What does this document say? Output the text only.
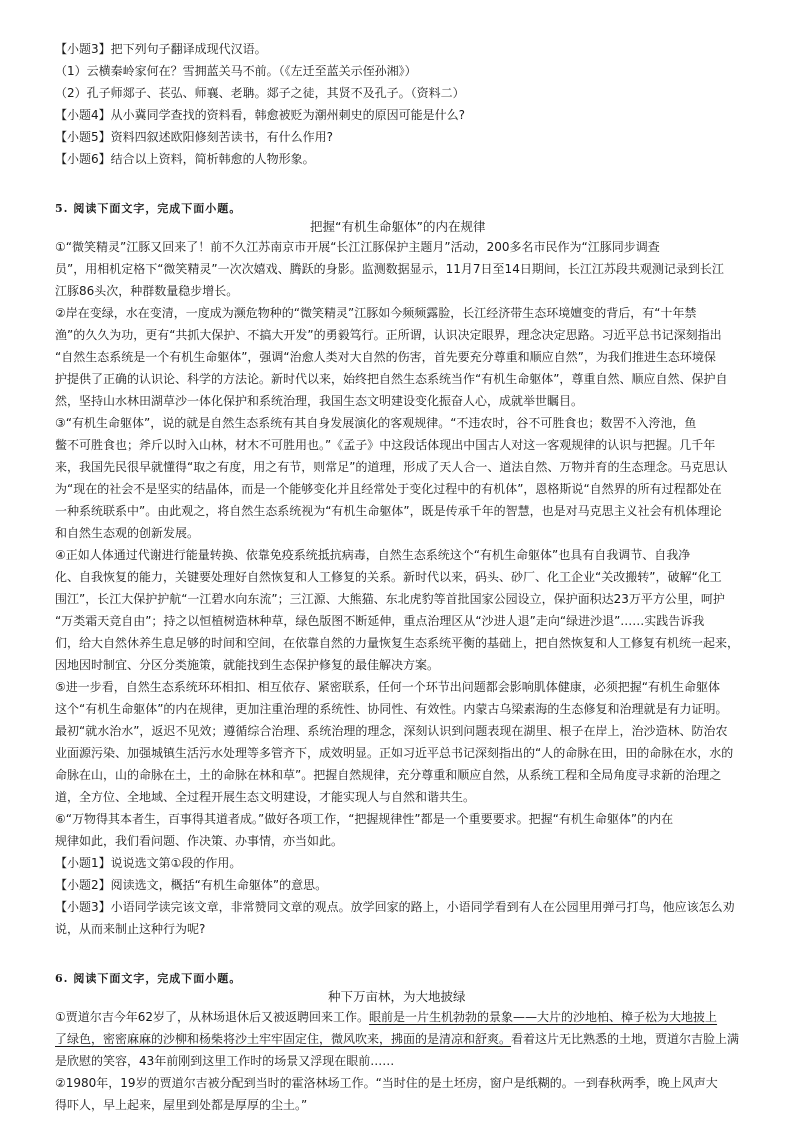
【小题3】把下列句子翻译成现代汉语。
（1）云横秦岭家何在？雪拥蓝关马不前。（《左迁至蓝关示侄孙湘》）
（2）孔子师郯子、苌弘、师襄、老聃。郯子之徒，其贤不及孔子。（资料二）
【小题4】从小冀同学查找的资料看，韩愈被贬为潮州刺史的原因可能是什么?
【小题5】资料四叙述欧阳修刻苦读书，有什么作用?
【小题6】结合以上资料，简析韩愈的人物形象。
5. 阅读下面文字，完成下面小题。
把握“有机生命躯体”的内在规律
①“微笑精灵”江豚又回来了！前不久江苏南京市开展“长江江豚保护主题月”活动，200多名市民作为“江豚同步调查
员”，用相机定格下“微笑精灵”一次次嬉戏、腾跃的身影。监测数据显示，11月7日至14日期间，长江江苏段共观测记录到长江
江豚86头次，种群数量稳步增长。
②岸在变绿，水在变清，一度成为濒危物种的“微笑精灵”江豚如今频频露脸，长江经济带生态环境嬗变的背后，有“十年禁
渔”的久久为功，更有“共抓大保护、不搞大开发”的勇毅笃行。正所谓，认识决定眼界，理念决定思路。习近平总书记深刻指出
“自然生态系统是一个有机生命躯体”，强调“治愈人类对大自然的伤害，首先要充分尊重和顺应自然”，为我们推进生态环境保
护提供了正确的认识论、科学的方法论。新时代以来，始终把自然生态系统当作“有机生命躯体”，尊重自然、顺应自然、保护自
然，坚持山水林田湖草沙一体化保护和系统治理，我国生态文明建设变化振奋人心，成就举世瞩目。
③“有机生命躯体”，说的就是自然生态系统有其自身发展演化的客观规律。“不违农时，谷不可胜食也；数罟不入洿池，鱼
鳖不可胜食也；斧斤以时入山林，材木不可胜用也。”《孟子》中这段话体现出中国古人对这一客观规律的认识与把握。几千年
来，我国先民很早就懂得“取之有度，用之有节，则常足”的道理，形成了天人合一、道法自然、万物并育的生态理念。马克思认
为“现在的社会不是坚实的结晶体，而是一个能够变化并且经常处于变化过程中的有机体”，恩格斯说“自然界的所有过程都处在
一种系统联系中”。由此观之，将自然生态系统视为“有机生命躯体”，既是传承千年的智慧，也是对马克思主义社会有机体理论
和自然生态观的创新发展。
④正如人体通过代谢进行能量转换、依靠免疫系统抵抗病毒，自然生态系统这个“有机生命躯体”也具有自我调节、自我净
化、自我恢复的能力，关键要处理好自然恢复和人工修复的关系。新时代以来，码头、砂厂、化工企业“关改搬转”，破解“化工
围江”，长江大保护护航“一江碧水向东流”；三江源、大熊猫、东北虎豹等首批国家公园设立，保护面积达23万平方公里，呵护
“万类霜天竞自由”；持之以恒植树造林种草，绿色版图不断延伸，重点治理区从“沙进人退”走向“绿进沙退”……实践告诉我
们，给大自然休养生息足够的时间和空间，在依靠自然的力量恢复生态系统平衡的基础上，把自然恢复和人工修复有机统一起来，
因地因时制宜、分区分类施策，就能找到生态保护修复的最佳解决方案。
⑤进一步看，自然生态系统环环相扣、相互依存、紧密联系，任何一个环节出问题都会影响肌体健康，必须把握“有机生命躯体
这个“有机生命躯体”的内在规律，更加注重治理的系统性、协同性、有效性。内蒙古乌梁素海的生态修复和治理就是有力证明。
最初“就水治水”，返迟不见效；遵循综合治理、系统治理的理念，深刻认识到问题表现在湖里、根子在岸上，治沙造林、防治农
业面源污染、加强城镇生活污水处理等多管齐下，成效明显。正如习近平总书记深刻指出的“人的命脉在田，田的命脉在水，水的
命脉在山，山的命脉在土，土的命脉在林和草”。把握自然规律，充分尊重和顺应自然，从系统工程和全局角度寻求新的治理之
道，全方位、全地域、全过程开展生态文明建设，才能实现人与自然和谐共生。
⑥“万物得其本者生，百事得其道者成。”做好各项工作，“把握规律性”都是一个重要要求。把握“有机生命躯体”的内在
规律如此，我们看问题、作决策、办事情，亦当如此。
【小题1】说说选文第①段的作用。
【小题2】阅读选文，概括“有机生命躯体”的意思。
【小题3】小语同学读完该文章，非常赞同文章的观点。放学回家的路上，小语同学看到有人在公园里用弹弓打鸟，他应该怎么劝
说，从而来制止这种行为呢?
6. 阅读下面文字，完成下面小题。
种下万亩林，为大地披绿
①贾道尔吉今年62岁了，从林场退休后又被返聘回来工作。眼前是一片生机勃勃的景象——大片的沙地柏、樟子松为大地披上
了绿色，密密麻麻的沙柳和杨柴将沙土牢牢固定住，微风吹来，拂面的是清凉和舒爽。看着这片无比熟悉的土地，贾道尔吉脸上满
是欣慰的笑容，43年前刚到这里工作时的场景又浮现在眼前……
②1980年，19岁的贾道尔吉被分配到当时的霍洛林场工作。“当时住的是土坯房，窗户是纸糊的。一到春秋两季，晚上风声大
得吓人，早上起来，屋里到处都是厚厚的尘土。”
